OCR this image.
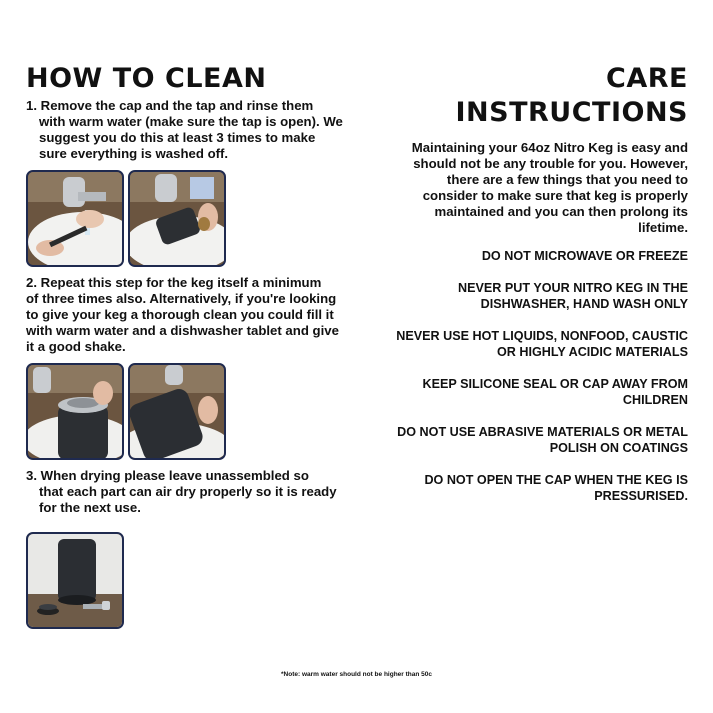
HOW TO CLEAN

1. Remove the cap and the tap and rinse them
with warm water (make sure the tap is open). We suggest you do this at least 3 times to make sure everything is washed off.

2. Repeat this step for the keg itself a minimum
of three times also. Alternatively, if you're looking to give your keg a thorough clean you could fill it with warm water and a dishwasher tablet and give it a good shake.

3. When drying please leave unassembled so
that each part can air dry properly so it is ready for the next use.

CARE INSTRUCTIONS

Maintaining your 64oz Nitro Keg is easy and should not be any trouble for you. However, there are a few things that you need to consider to make sure that keg is properly maintained and you can then prolong its lifetime.

DO NOT MICROWAVE OR FREEZE

NEVER PUT YOUR NITRO KEG IN THE DISHWASHER, HAND WASH ONLY

NEVER USE HOT LIQUIDS, NONFOOD, CAUSTIC OR HIGHLY ACIDIC MATERIALS

KEEP SILICONE SEAL OR CAP AWAY FROM CHILDREN

DO NOT USE ABRASIVE MATERIALS OR METAL POLISH ON COATINGS

DO NOT OPEN THE CAP WHEN THE KEG IS PRESSURISED.

*Note: warm water should not be higher than 50c
